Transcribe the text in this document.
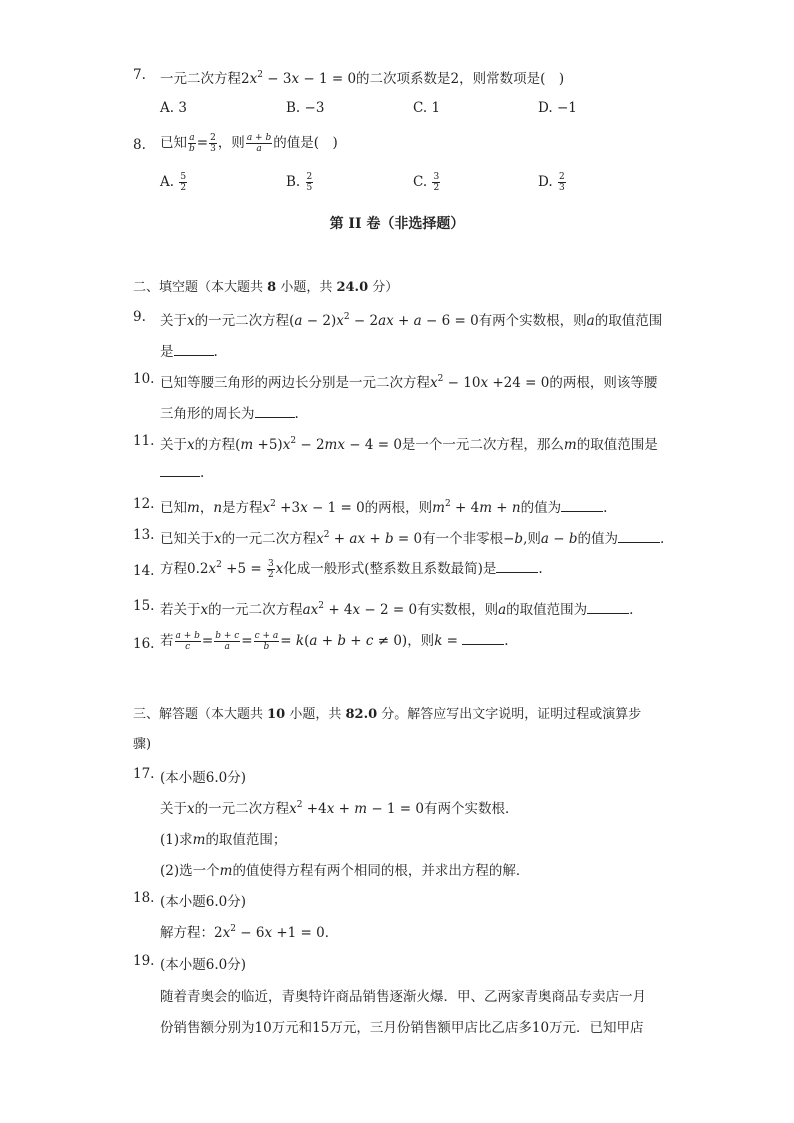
7. 一元二次方程$2x^2 - 3x - 1 = 0$的二次项系数是2，则常数项是(　)
A. 3	B. −3	C. 1	D. −1
8. 已知 $\frac{a}{b} = \frac{2}{3}$ ，则 $\frac{a + b}{a}$ 的值是(　)
A. $\frac{5}{2}$	B. $\frac{2}{5}$	C. $\frac{3}{2}$	D. $\frac{2}{3}$
第 II 卷（非选择题）
二、填空题（本大题共 8 小题，共 24.0 分）
9. 关于x的一元二次方程$(a - 2)x^2 - 2ax + a - 6 = 0$有两个实数根，则a的取值范围
是	.
10. 已知等腰三角形的两边长分别是一元二次方程$x^2 - 10x +24 = 0$的两根，则该等腰
三角形的周长为	.
11. 关于x的方程$(m +5)x^2 - 2mx - 4 = 0$是一个一元二次方程，那么m的取值范围是
.
12. 已知m，n是方程$x^2 +3x - 1 = 0$的两根，则$m^2 + 4m + n$的值为	.
13. 已知关于x的一元二次方程$x^2$ + ax + b = 0有一个非零根−b,则a − b的值为	.
14. 方程$0.2x^2 +5 = \frac{3}{2}$ x化成一般形式(整系数且系数最简)是	.
15. 若关于x的一元二次方程$ax^2 + 4x - 2 = 0$有实数根，则a的取值范围为	.
16. 若 $\frac{a + b}{c} = \frac{b + c}{a} = \frac{c + a}{b} = k(a + b + c \ne 0)$，则k =	.
三、解答题（本大题共 10 小题，共 82.0 分。解答应写出文字说明，证明过程或演算步
骤)
17. (本小题6.0分)
关于x的一元二次方程$x^2 +4x + m - 1 = 0$有两个实数根．
(1)求m的取值范围；
(2)选一个m的值使得方程有两个相同的根，并求出方程的解．
18. (本小题6.0分)
解方程：$2x^2 - 6x +1 = 0$．
19. (本小题6.0分)
随着青奥会的临近，青奥特许商品销售逐渐火爆．甲、乙两家青奥商品专卖店一月
份销售额分别为10万元和15万元，三月份销售额甲店比乙店多10万元．已知甲店
